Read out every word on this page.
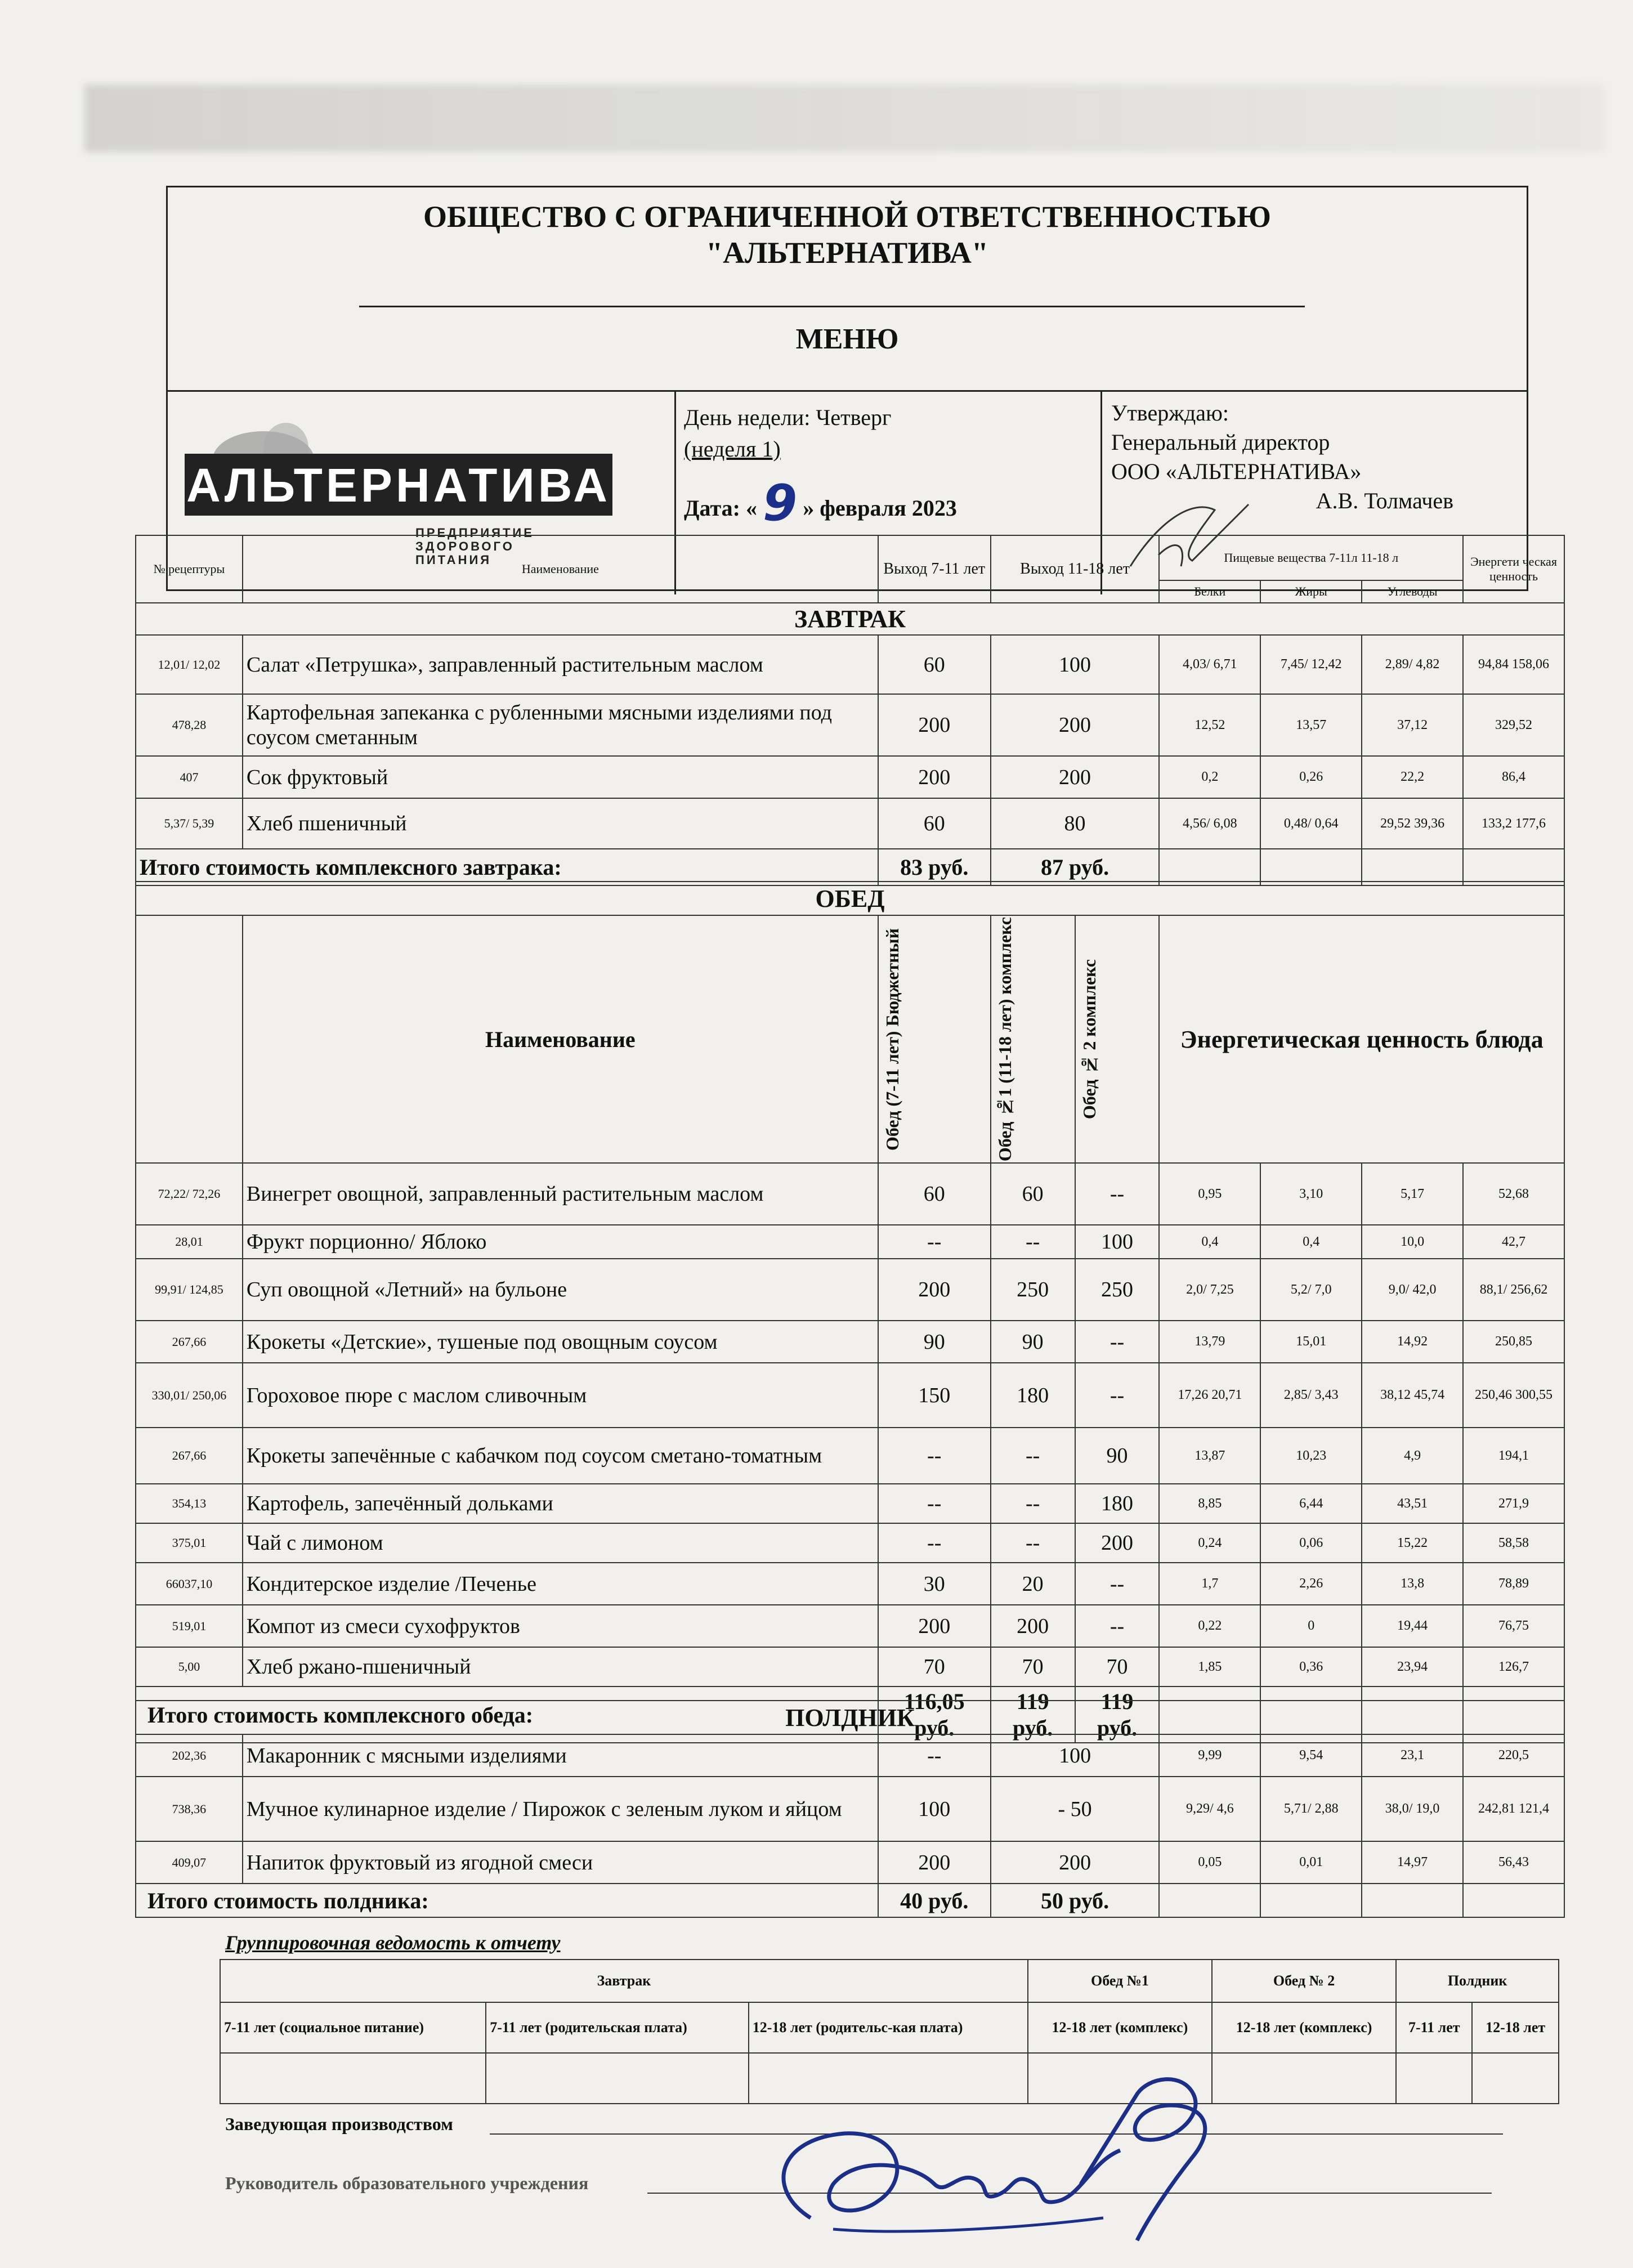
ОБЩЕСТВО С ОГРАНИЧЕННОЙ ОТВЕТСТВЕННОСТЬЮ
"АЛЬТЕРНАТИВА"
МЕНЮ
АЛЬТЕРНАТИВА
ПРЕДПРИЯТИЕ
ЗДОРОВОГО
ПИТАНИЯ
День недели: Четверг
(неделя 1)
Дата: « 9 » февраля 2023
Утверждаю:
Генеральный директор
ООО «АЛЬТЕРНАТИВА»
А.В. Толмачев
№ рецептуры	Наименование	Выход 7-11 лет	Выход 11-18 лет	Пищевые вещества 7-11л 11-18 л			Энергети ческая ценность
				Белки	Жиры	Углеводы	
ЗАВТРАК							
12,01/ 12,02	Салат «Петрушка», заправленный растительным маслом	60	100	4,03/ 6,71	7,45/ 12,42	2,89/ 4,82	94,84 158,06
478,28	Картофельная запеканка с рубленными мясными изделиями под соусом сметанным	200	200	12,52	13,57	37,12	329,52
407	Сок фруктовый	200	200	0,2	0,26	22,2	86,4
5,37/ 5,39	Хлеб пшеничный	60	80	4,56/ 6,08	0,48/ 0,64	29,52 39,36	133,2 177,6
Итого стоимость комплексного завтрака:		83 руб.	87 руб.				
ОБЕД								
	Наименование	Обед (7-11 лет) Бюджетный	Обед №1 (11-18 лет) комплекс	Обед № 2 комплекс	Энергетическая ценность блюда			
72,22/ 72,26	Винегрет овощной, заправленный растительным маслом	60	60	--	0,95	3,10	5,17	52,68
28,01	Фрукт порционно/ Яблоко	--	--	100	0,4	0,4	10,0	42,7
99,91/ 124,85	Суп овощной «Летний» на бульоне	200	250	250	2,0/ 7,25	5,2/ 7,0	9,0/ 42,0	88,1/ 256,62
267,66	Крокеты «Детские», тушеные под овощным соусом	90	90	--	13,79	15,01	14,92	250,85
330,01/ 250,06	Гороховое пюре с маслом сливочным	150	180	--	17,26 20,71	2,85/ 3,43	38,12 45,74	250,46 300,55
267,66	Крокеты запечённые с кабачком под соусом сметано-томатным	--	--	90	13,87	10,23	4,9	194,1
354,13	Картофель, запечённый дольками	--	--	180	8,85	6,44	43,51	271,9
375,01	Чай с лимоном	--	--	200	0,24	0,06	15,22	58,58
66037,10	Кондитерское изделие /Печенье	30	20	--	1,7	2,26	13,8	78,89
519,01	Компот из смеси сухофруктов	200	200	--	0,22	0	19,44	76,75
5,00	Хлеб ржано-пшеничный	70	70	70	1,85	0,36	23,94	126,7
Итого стоимость комплексного обеда:		116,05 руб.	119 руб.	119 руб.				
ПОЛДНИК							
202,36	Макаронник с мясными изделиями	--	100	9,99	9,54	23,1	220,5
738,36	Мучное кулинарное изделие / Пирожок с зеленым луком и яйцом	100	- 50	9,29/ 4,6	5,71/ 2,88	38,0/ 19,0	242,81 121,4
409,07	Напиток фруктовый из ягодной смеси	200	200	0,05	0,01	14,97	56,43
Итого стоимость полдника:		40 руб.	50 руб.				
Группировочная ведомость к отчету
Завтрак			Обед №1	Обед № 2	Полдник	
7-11 лет (социальное питание)	7-11 лет (родительская плата)	12-18 лет (родительс-кая плата)	12-18 лет (комплекс)	12-18 лет (комплекс)	7-11 лет	12-18 лет

Заведующая производством
Руководитель образовательного учреждения
